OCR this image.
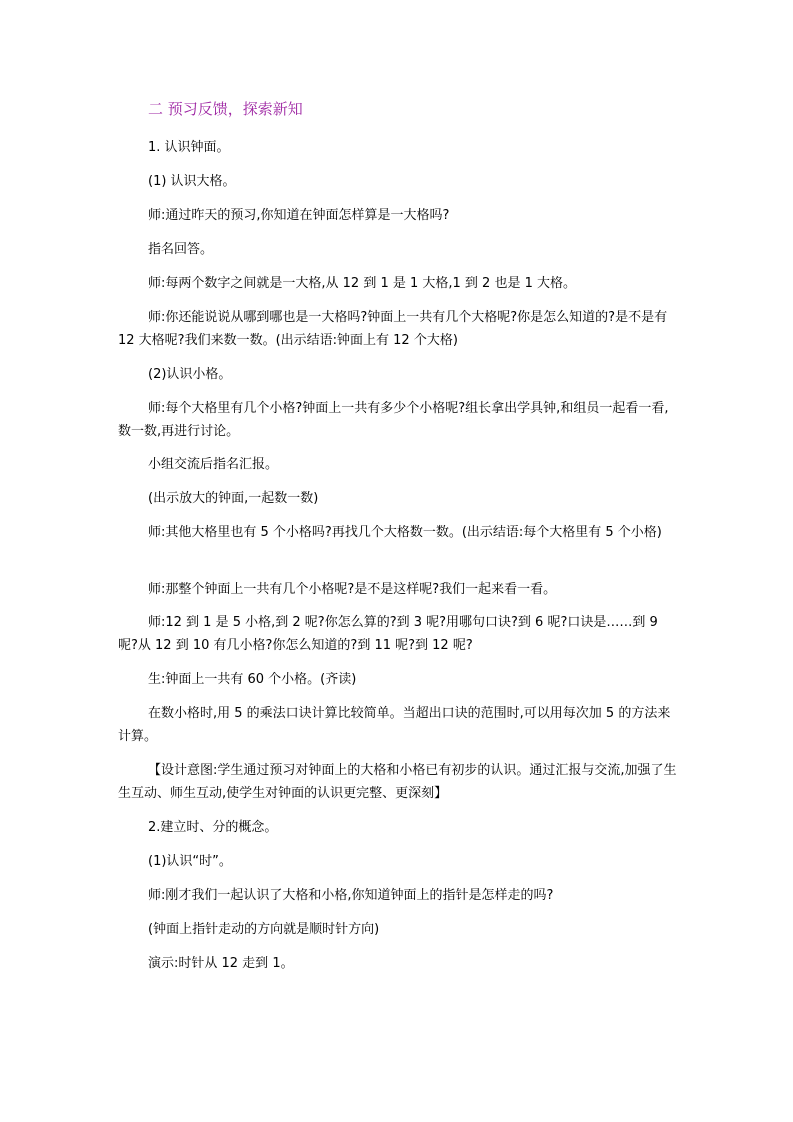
二 预习反馈，探索新知
1. 认识钟面。
(1) 认识大格。
师:通过昨天的预习,你知道在钟面怎样算是一大格吗?
指名回答。
师:每两个数字之间就是一大格,从 12 到 1 是 1 大格,1 到 2 也是 1 大格。
师:你还能说说从哪到哪也是一大格吗?钟面上一共有几个大格呢?你是怎么知道的?是不是有 12 大格呢?我们来数一数。(出示结语:钟面上有 12 个大格)
(2)认识小格。
师:每个大格里有几个小格?钟面上一共有多少个小格呢?组长拿出学具钟,和组员一起看一看,数一数,再进行讨论。
小组交流后指名汇报。
(出示放大的钟面,一起数一数)
师:其他大格里也有 5 个小格吗?再找几个大格数一数。(出示结语:每个大格里有 5 个小格)
师:那整个钟面上一共有几个小格呢?是不是这样呢?我们一起来看一看。
师:12 到 1 是 5 小格,到 2 呢?你怎么算的?到 3 呢?用哪句口诀?到 6 呢?口诀是……到 9 呢?从 12 到 10 有几小格?你怎么知道的?到 11 呢?到 12 呢?
生:钟面上一共有 60 个小格。(齐读)
在数小格时,用 5 的乘法口诀计算比较简单。当超出口诀的范围时,可以用每次加 5 的方法来计算。
【设计意图:学生通过预习对钟面上的大格和小格已有初步的认识。通过汇报与交流,加强了生生互动、师生互动,使学生对钟面的认识更完整、更深刻】
2.建立时、分的概念。
(1)认识“时”。
师:刚才我们一起认识了大格和小格,你知道钟面上的指针是怎样走的吗?
(钟面上指针走动的方向就是顺时针方向)
演示:时针从 12 走到 1。
